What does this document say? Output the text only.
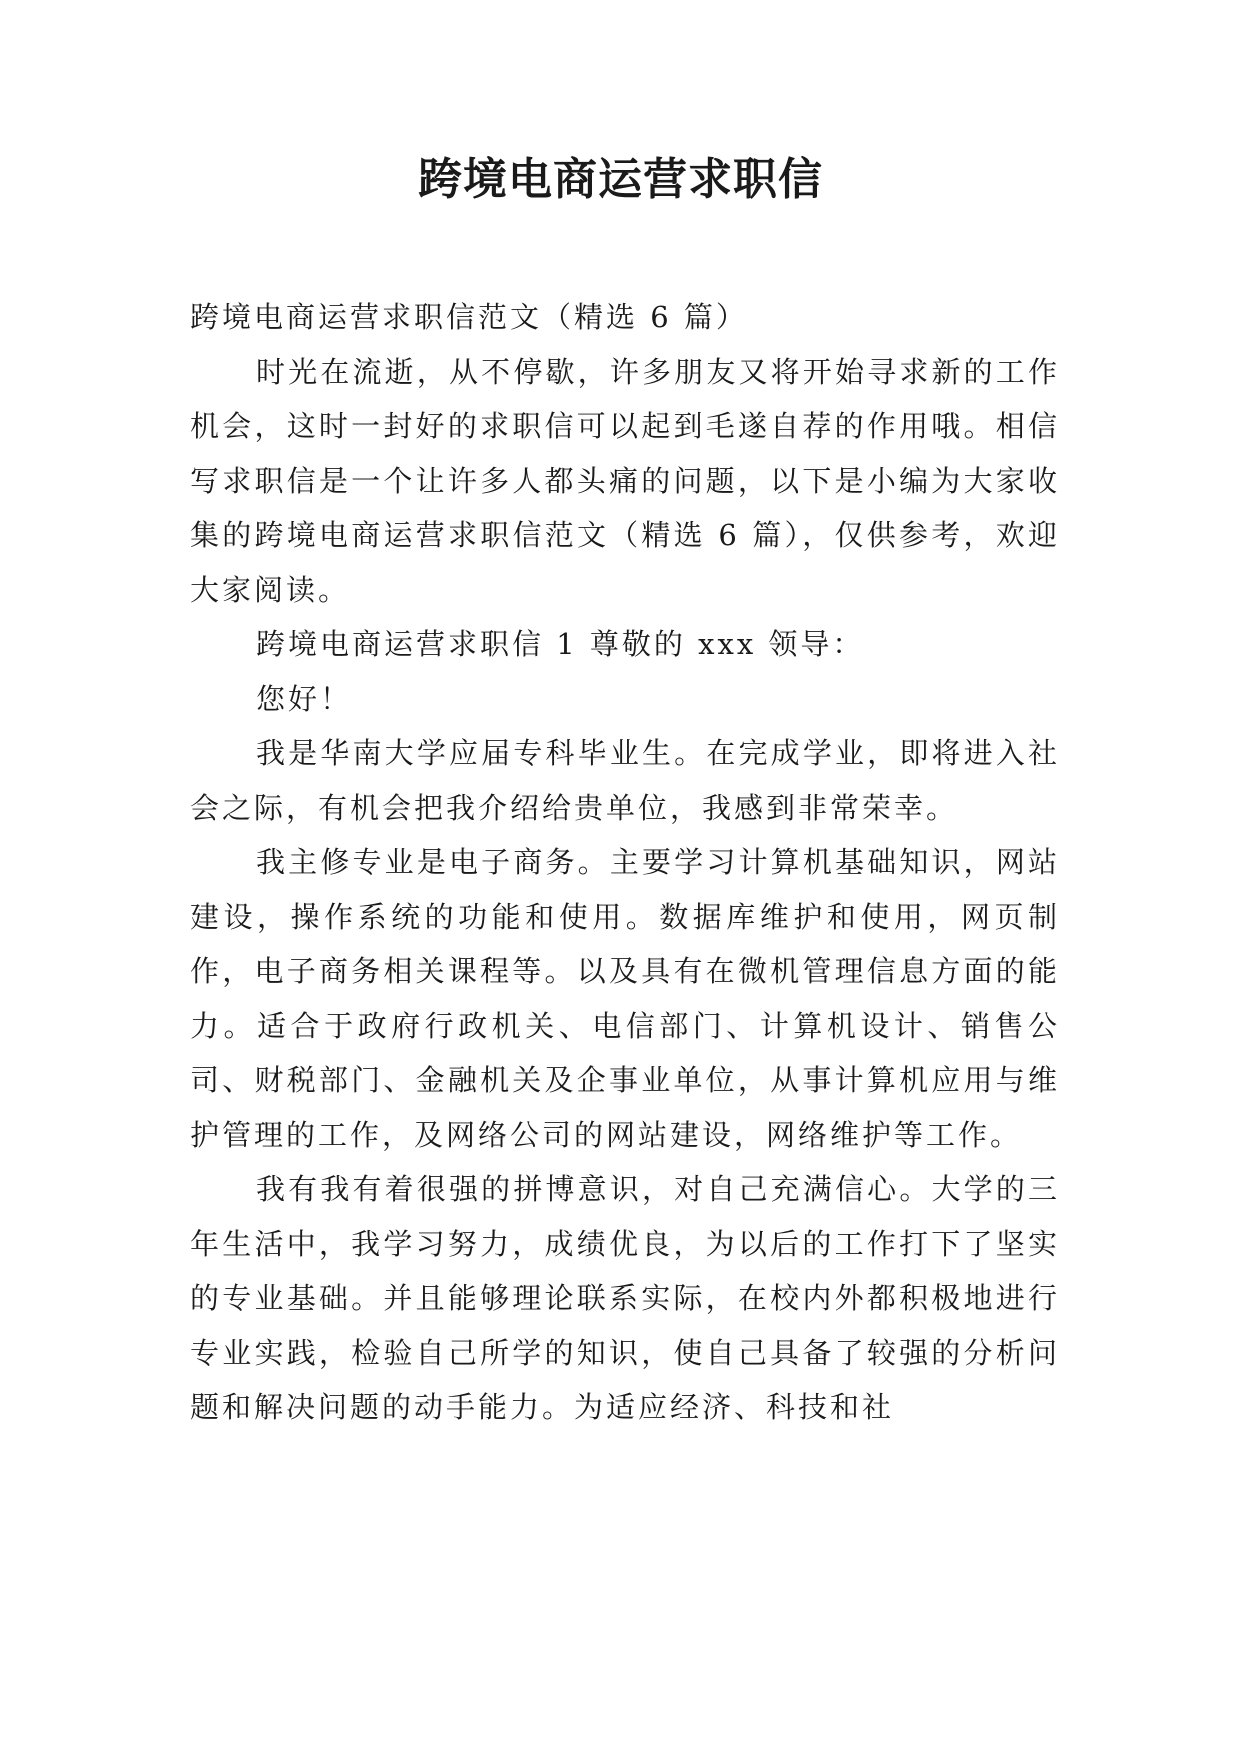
跨境电商运营求职信

跨境电商运营求职信范文（精选 6 篇）

时光在流逝，从不停歇，许多朋友又将开始寻求新的工作机会，这时一封好的求职信可以起到毛遂自荐的作用哦。相信写求职信是一个让许多人都头痛的问题，以下是小编为大家收集的跨境电商运营求职信范文（精选 6 篇），仅供参考，欢迎大家阅读。

跨境电商运营求职信 1 尊敬的 xxx 领导：

您好！

我是华南大学应届专科毕业生。在完成学业，即将进入社会之际，有机会把我介绍给贵单位，我感到非常荣幸。

我主修专业是电子商务。主要学习计算机基础知识，网站建设，操作系统的功能和使用。数据库维护和使用，网页制作，电子商务相关课程等。以及具有在微机管理信息方面的能力。适合于政府行政机关、电信部门、计算机设计、销售公司、财税部门、金融机关及企事业单位，从事计算机应用与维护管理的工作，及网络公司的网站建设，网络维护等工作。

我有我有着很强的拼博意识，对自己充满信心。大学的三年生活中，我学习努力，成绩优良，为以后的工作打下了坚实的专业基础。并且能够理论联系实际，在校内外都积极地进行专业实践，检验自己所学的知识，使自己具备了较强的分析问题和解决问题的动手能力。为适应经济、科技和社
